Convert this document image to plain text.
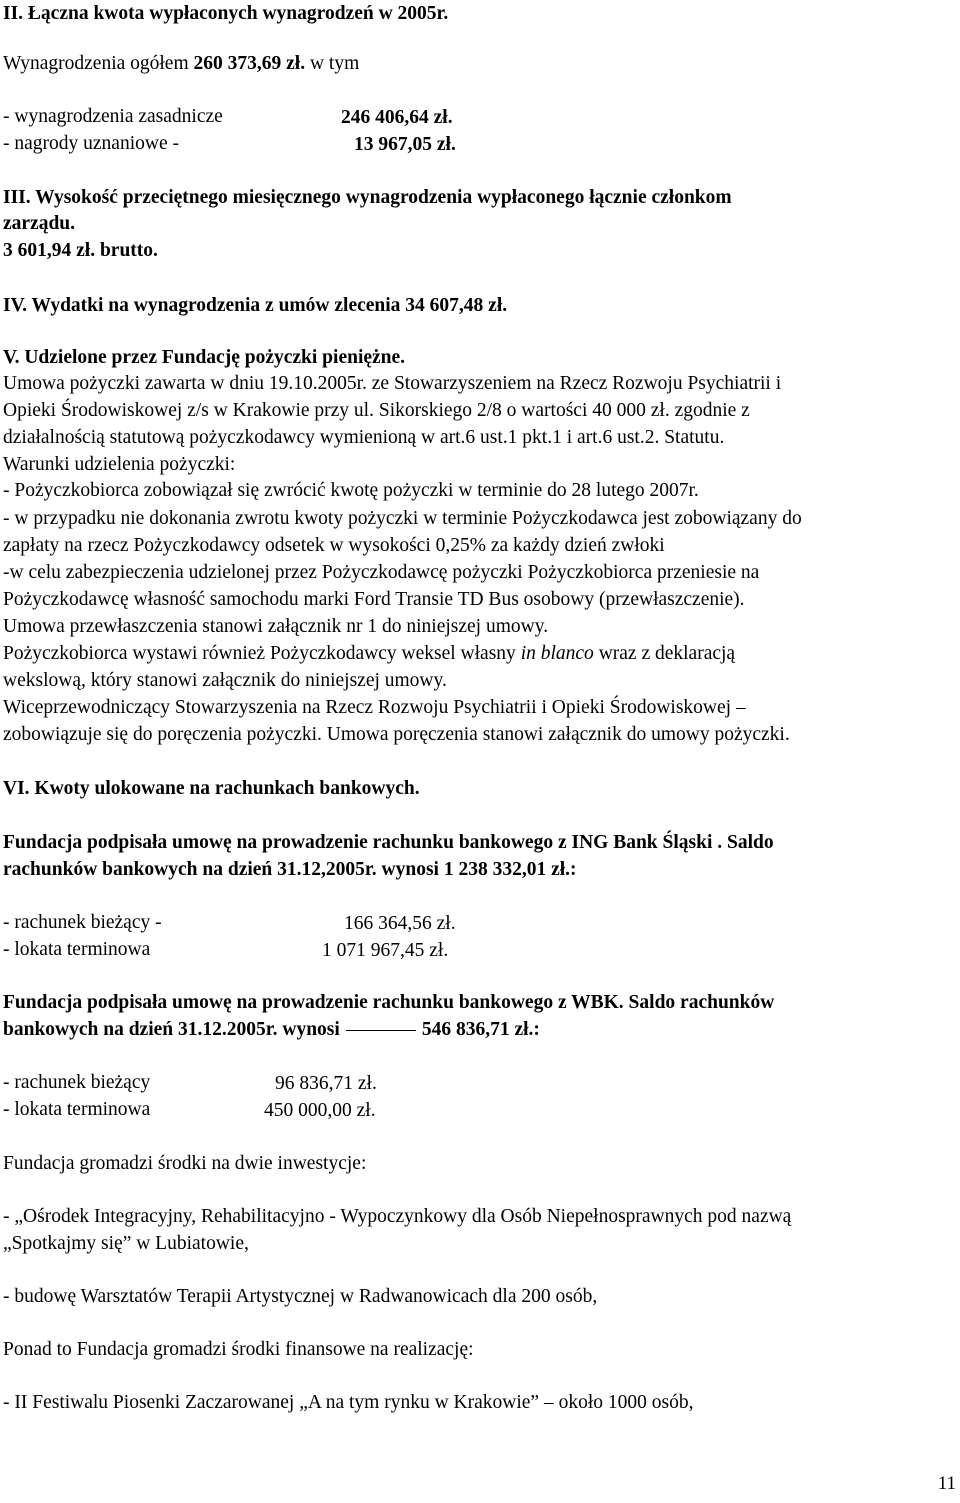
II. Łączna kwota wypłaconych wynagrodzeń w 2005r.
Wynagrodzenia ogółem 260 373,69 zł. w tym
- wynagrodzenia zasadnicze	246 406,64 zł.
- nagrody uznaniowe -	13 967,05 zł.
III. Wysokość przeciętnego miesięcznego wynagrodzenia wypłaconego łącznie członkom
zarządu.
3 601,94 zł. brutto.
IV. Wydatki na wynagrodzenia z umów zlecenia 34 607,48 zł.
V. Udzielone przez Fundację pożyczki pieniężne.
Umowa pożyczki zawarta w dniu 19.10.2005r. ze Stowarzyszeniem na Rzecz Rozwoju Psychiatrii i
Opieki Środowiskowej z/s w Krakowie przy ul. Sikorskiego 2/8 o wartości 40 000 zł. zgodnie z
działalnością statutową pożyczkodawcy wymienioną w art.6 ust.1 pkt.1 i art.6 ust.2. Statutu.
Warunki udzielenia pożyczki:
- Pożyczkobiorca zobowiązał się zwrócić kwotę pożyczki w terminie do 28 lutego 2007r.
- w przypadku nie dokonania zwrotu kwoty pożyczki w terminie Pożyczkodawca jest zobowiązany do
zapłaty na rzecz Pożyczkodawcy odsetek w wysokości 0,25% za każdy dzień zwłoki
-w celu zabezpieczenia udzielonej przez Pożyczkodawcę pożyczki Pożyczkobiorca przeniesie na
Pożyczkodawcę własność samochodu marki Ford Transie TD Bus osobowy (przewłaszczenie).
Umowa przewłaszczenia stanowi załącznik nr 1 do niniejszej umowy.
Pożyczkobiorca wystawi również Pożyczkodawcy weksel własny in blanco wraz z deklaracją
wekslową, który stanowi załącznik do niniejszej umowy.
Wiceprzewodniczący Stowarzyszenia na Rzecz Rozwoju Psychiatrii i Opieki Środowiskowej –
zobowiązuje się do poręczenia pożyczki. Umowa poręczenia stanowi załącznik do umowy pożyczki.
VI. Kwoty ulokowane na rachunkach bankowych.
Fundacja podpisała umowę na prowadzenie rachunku bankowego z ING Bank Śląski . Saldo
rachunków bankowych na dzień 31.12,2005r. wynosi 1 238 332,01 zł.:
- rachunek bieżący -	166 364,56 zł.
- lokata terminowa	1 071 967,45 zł.
Fundacja podpisała umowę na prowadzenie rachunku bankowego z WBK. Saldo rachunków
bankowych na dzień 31.12.2005r. wynosi	546 836,71 zł.:
- rachunek bieżący	96 836,71 zł.
- lokata terminowa	450 000,00 zł.
Fundacja gromadzi środki na dwie inwestycje:
- „Ośrodek Integracyjny, Rehabilitacyjno - Wypoczynkowy dla Osób Niepełnosprawnych pod nazwą
„Spotkajmy się” w Lubiatowie,
- budowę Warsztatów Terapii Artystycznej w Radwanowicach dla 200 osób,
Ponad to Fundacja gromadzi środki finansowe na realizację:
- II Festiwalu Piosenki Zaczarowanej „A na tym rynku w Krakowie” – około 1000 osób,
11
